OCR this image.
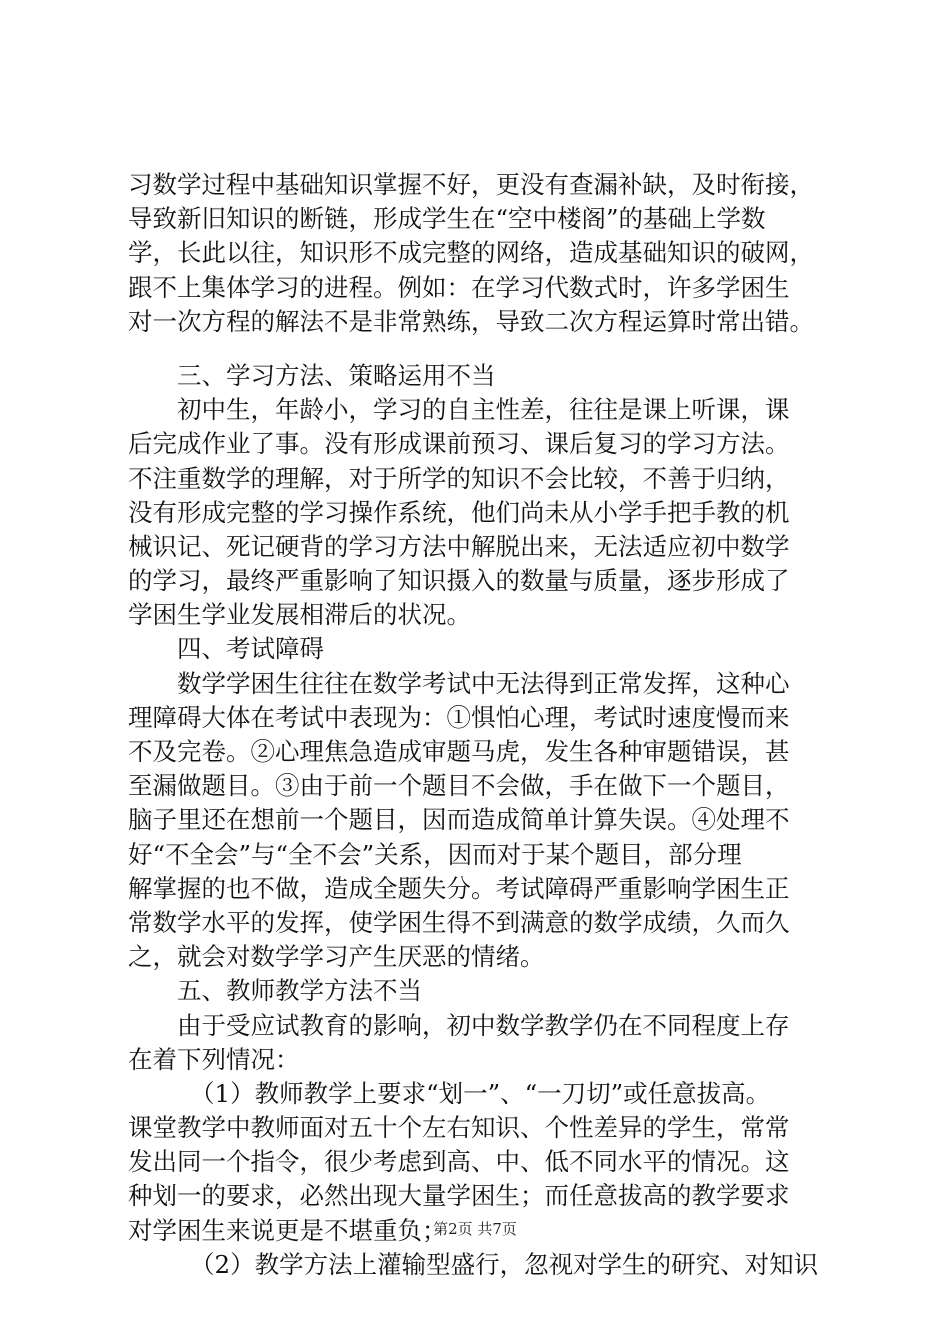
习数学过程中基础知识掌握不好，更没有查漏补缺，及时衔接，
导致新旧知识的断链，形成学生在“空中楼阁”的基础上学数
学，长此以往，知识形不成完整的网络，造成基础知识的破网，
跟不上集体学习的进程。例如：在学习代数式时，许多学困生
对一次方程的解法不是非常熟练，导致二次方程运算时常出错。
三、学习方法、策略运用不当
初中生，年龄小，学习的自主性差，往往是课上听课，课
后完成作业了事。没有形成课前预习、课后复习的学习方法。
不注重数学的理解，对于所学的知识不会比较，不善于归纳，
没有形成完整的学习操作系统，他们尚未从小学手把手教的机
械识记、死记硬背的学习方法中解脱出来，无法适应初中数学
的学习，最终严重影响了知识摄入的数量与质量，逐步形成了
学困生学业发展相滞后的状况。
四、考试障碍
数学学困生往往在数学考试中无法得到正常发挥，这种心
理障碍大体在考试中表现为：①惧怕心理，考试时速度慢而来
不及完卷。②心理焦急造成审题马虎，发生各种审题错误，甚
至漏做题目。③由于前一个题目不会做，手在做下一个题目，
脑子里还在想前一个题目，因而造成简单计算失误。④处理不
好“不全会”与“全不会”关系，因而对于某个题目，部分理
解掌握的也不做，造成全题失分。考试障碍严重影响学困生正
常数学水平的发挥，使学困生得不到满意的数学成绩，久而久
之，就会对数学学习产生厌恶的情绪。
五、教师教学方法不当
由于受应试教育的影响，初中数学教学仍在不同程度上存
在着下列情况：
（1）教师教学上要求“划一”、“一刀切”或任意拔高。
课堂教学中教师面对五十个左右知识、个性差异的学生，常常
发出同一个指令，很少考虑到高、中、低不同水平的情况。这
种划一的要求，必然出现大量学困生；而任意拔高的教学要求
对学困生来说更是不堪重负；
（2）教学方法上灌输型盛行，忽视对学生的研究、对知识
第2页 共7页
